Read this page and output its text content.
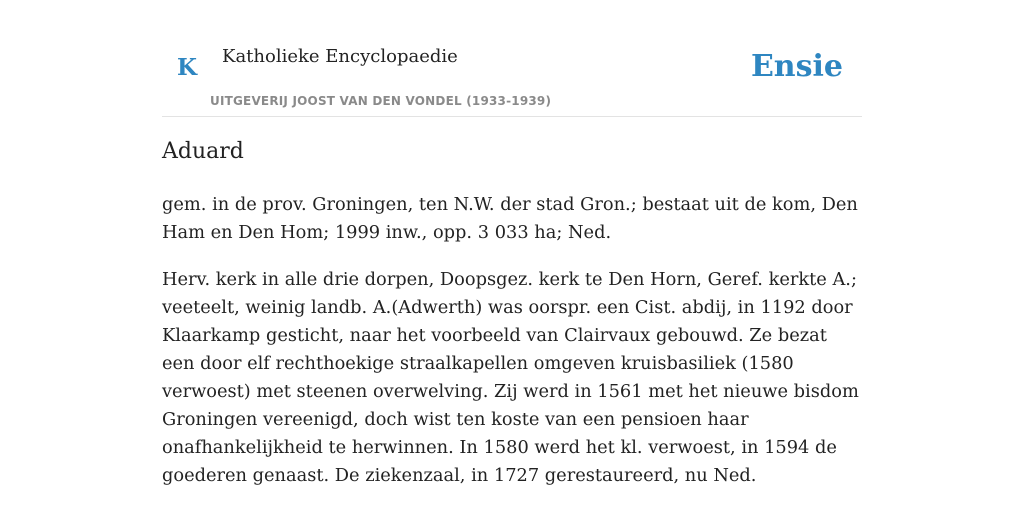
K Katholieke Encyclopaedie
UITGEVERIJ JOOST VAN DEN VONDEL (1933-1939)
Ensie
Aduard

gem. in de prov. Groningen, ten N.W. der stad Gron.; bestaat uit de kom, Den Ham en Den Hom; 1999 inw., opp. 3 033 ha; Ned.

Herv. kerk in alle drie dorpen, Doopsgez. kerk te Den Horn, Geref. kerkte A.; veeteelt, weinig landb. A.(Adwerth) was oorspr. een Cist. abdij, in 1192 door Klaarkamp gesticht, naar het voorbeeld van Clairvaux gebouwd. Ze bezat een door elf rechthoekige straalkapellen omgeven kruisbasiliek (1580 verwoest) met steenen overwelving. Zij werd in 1561 met het nieuwe bisdom Groningen vereenigd, doch wist ten koste van een pensioen haar onafhankelijkheid te herwinnen. In 1580 werd het kl. verwoest, in 1594 de goederen genaast. De ziekenzaal, in 1727 gerestaureerd, nu Ned.
